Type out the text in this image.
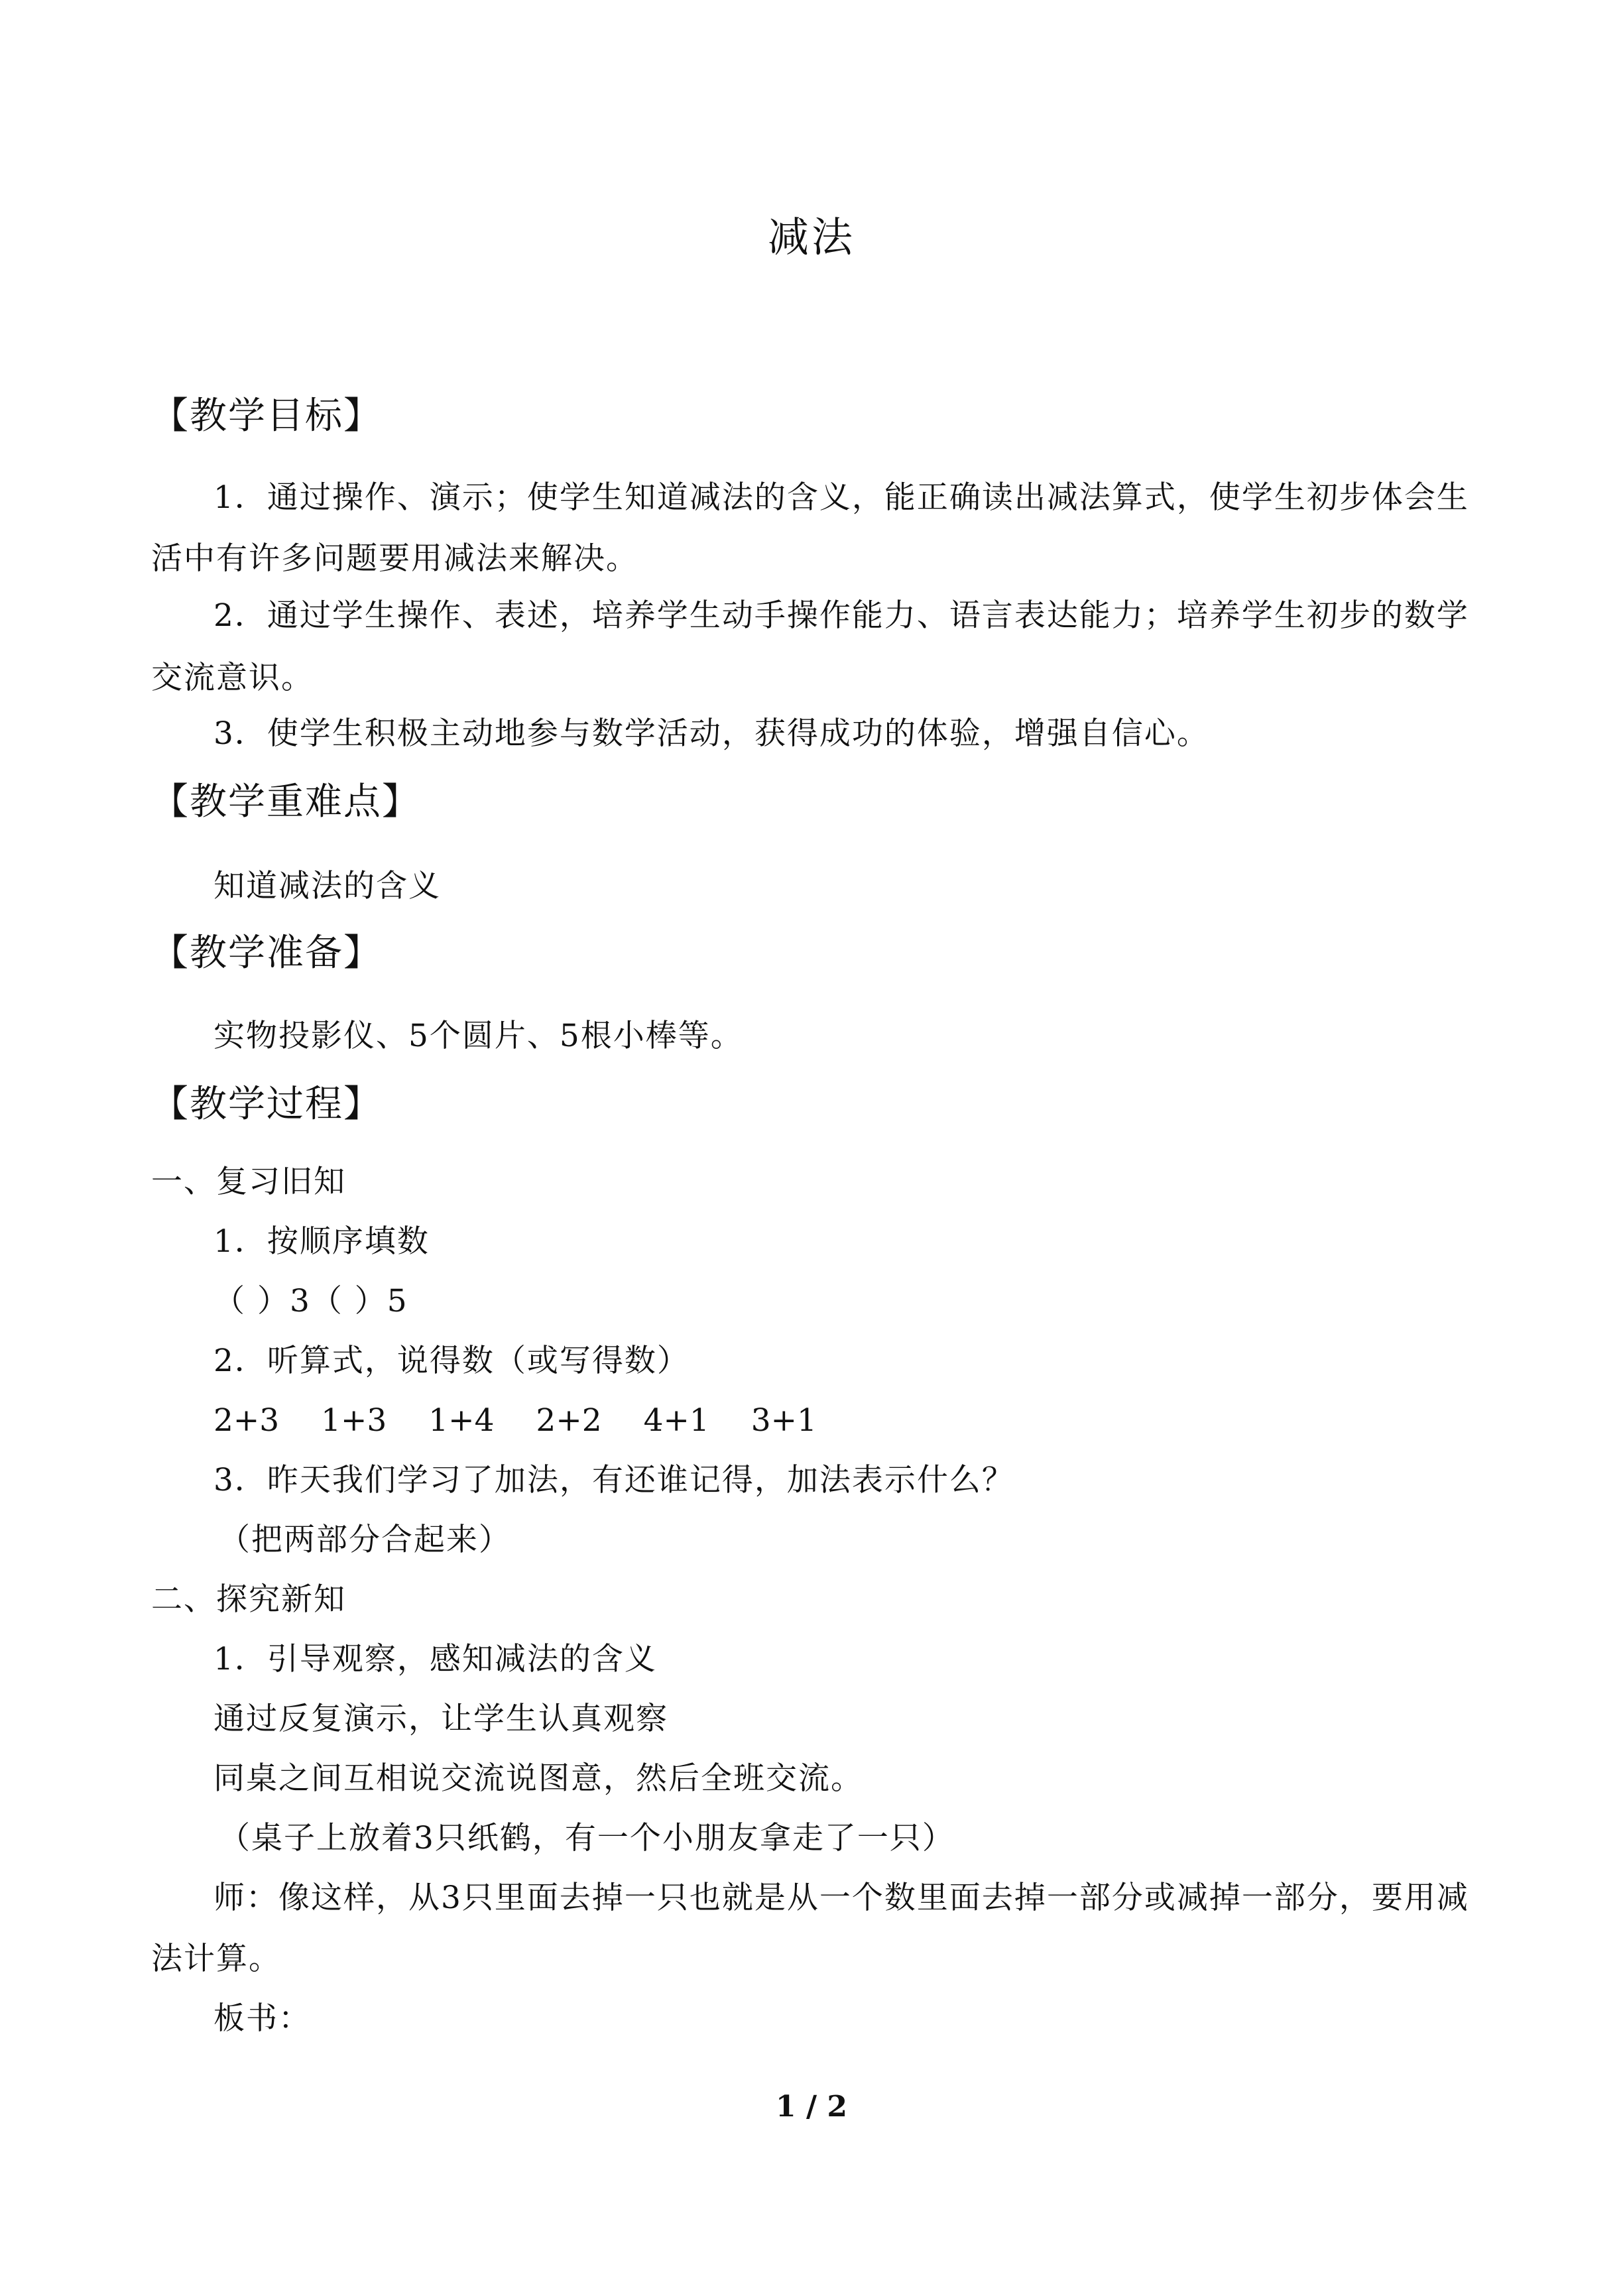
减法
【教学目标】
1．通过操作、演示；使学生知道减法的含义，能正确读出减法算式，使学生初步体会生
活中有许多问题要用减法来解决。
2．通过学生操作、表述，培养学生动手操作能力、语言表达能力；培养学生初步的数学
交流意识。
3．使学生积极主动地参与数学活动，获得成功的体验，增强自信心。
【教学重难点】
知道减法的含义
【教学准备】
实物投影仪、5个圆片、5根小棒等。
【教学过程】
一、复习旧知
1．按顺序填数
（ ）3（ ）5
2．听算式，说得数（或写得数）
2+3 1+3 1+4 2+2 4+1 3+1
3．昨天我们学习了加法，有还谁记得，加法表示什么？
（把两部分合起来）
二、探究新知
1．引导观察，感知减法的含义
通过反复演示，让学生认真观察
同桌之间互相说交流说图意，然后全班交流。
（桌子上放着3只纸鹤，有一个小朋友拿走了一只）
师：像这样，从3只里面去掉一只也就是从一个数里面去掉一部分或减掉一部分，要用减
法计算。
板书：
1 / 2
